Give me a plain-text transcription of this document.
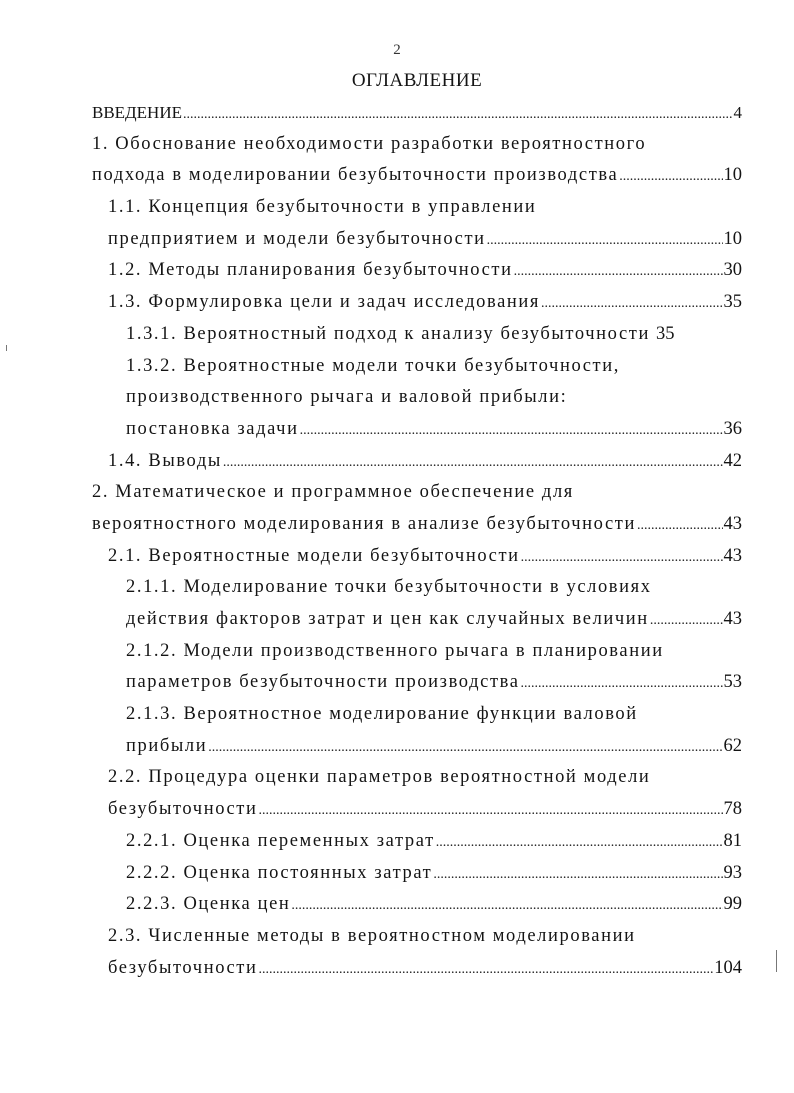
2
ОГЛАВЛЕНИЕ
ВВЕДЕНИЕ .....	4
1. Обоснование необходимости разработки вероятностного
подхода в моделировании безубыточности производства .....	10
1.1. Концепция безубыточности в управлении
предприятием и модели безубыточности .....	10
1.2. Методы планирования безубыточности .....	30
1.3. Формулировка цели и задач исследования .....	35
1.3.1. Вероятностный подход к анализу безубыточности 35
1.3.2. Вероятностные модели точки безубыточности,
производственного рычага и валовой прибыли:
постановка задачи .....	36
1.4. Выводы .....	42
2. Математическое и программное обеспечение для
вероятностного моделирования в анализе безубыточности .....	43
2.1. Вероятностные модели безубыточности .....	43
2.1.1. Моделирование точки безубыточности в условиях
действия факторов затрат и цен как случайных величин .....	43
2.1.2. Модели производственного рычага в планировании
параметров безубыточности производства .....	53
2.1.3. Вероятностное моделирование функции валовой
прибыли .....	62
2.2. Процедура оценки параметров вероятностной модели
безубыточности .....	78
2.2.1. Оценка переменных затрат .....	81
2.2.2. Оценка постоянных затрат .....	93
2.2.3. Оценка цен .....	99
2.3. Численные методы в вероятностном моделировании
безубыточности .....	104
